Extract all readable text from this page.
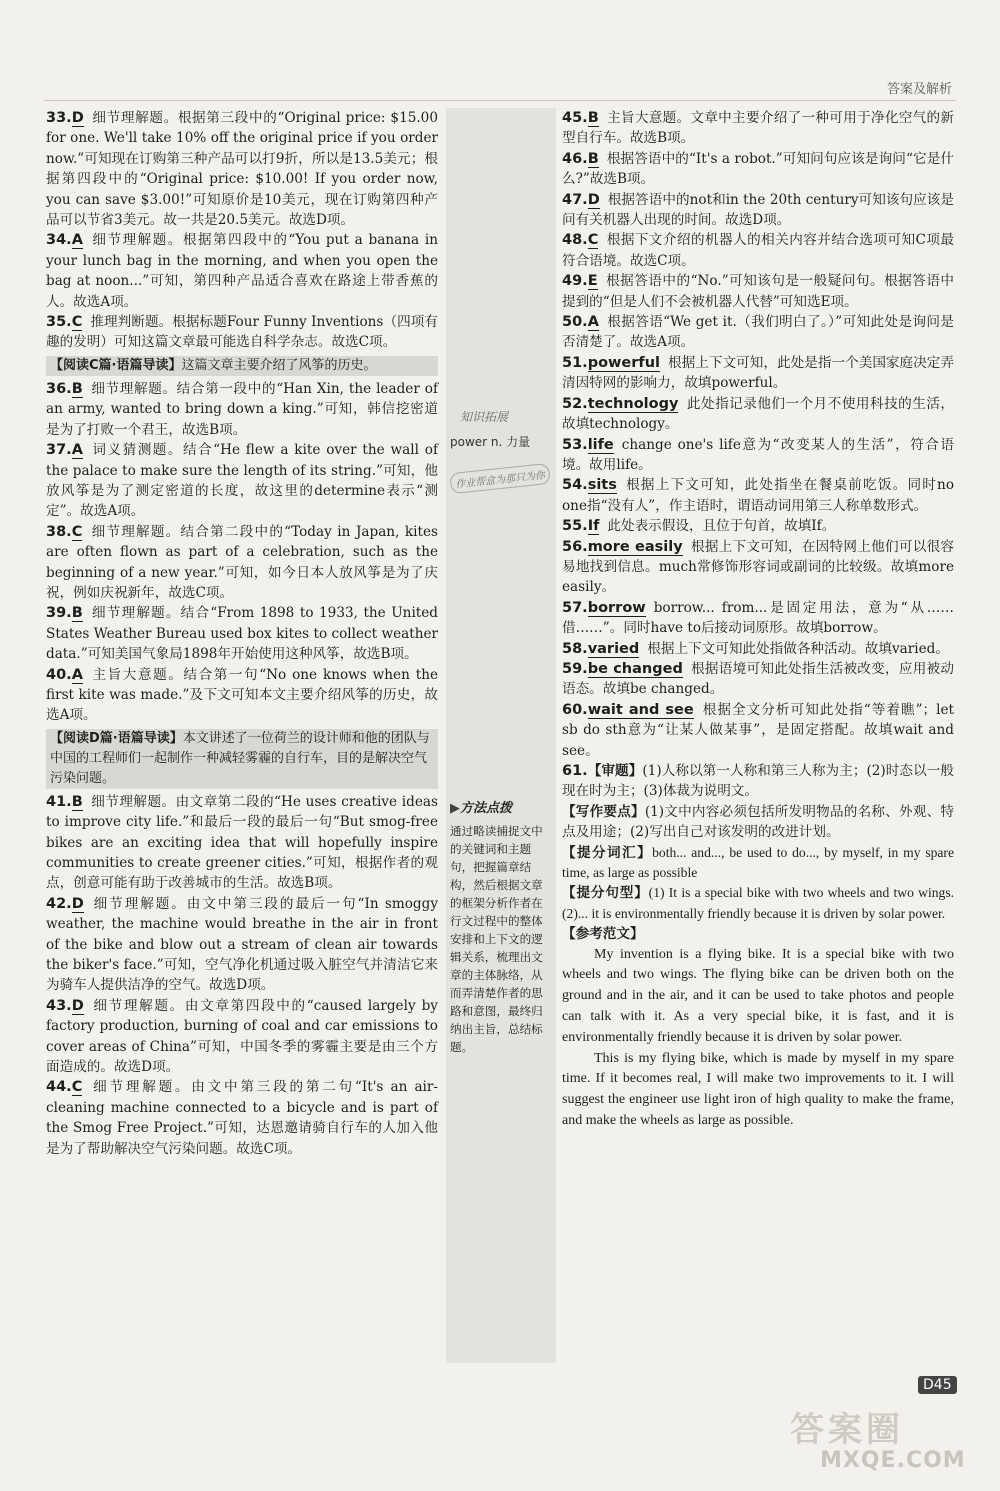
答案及解析
33.D 细节理解题。根据第三段中的“Original price: $15.00 for one. We'll take 10% off the original price if you order now.”可知现在订购第三种产品可以打9折，所以是13.5美元；根据第四段中的“Original price: $10.00! If you order now, you can save $3.00!”可知原价是10美元，现在订购第四种产品可以节省3美元。故一共是20.5美元。故选D项。
34.A 细节理解题。根据第四段中的“You put a banana in your lunch bag in the morning, and when you open the bag at noon...”可知，第四种产品适合喜欢在路途上带香蕉的人。故选A项。
35.C 推理判断题。根据标题Four Funny Inventions（四项有趣的发明）可知这篇文章最可能选自科学杂志。故选C项。
【阅读C篇·语篇导读】这篇文章主要介绍了风筝的历史。
36.B 细节理解题。结合第一段中的“Han Xin, the leader of an army, wanted to bring down a king.”可知，韩信挖密道是为了打败一个君王，故选B项。
37.A 词义猜测题。结合“He flew a kite over the wall of the palace to make sure the length of its string.”可知，他放风筝是为了测定密道的长度，故这里的determine表示“测定”。故选A项。
38.C 细节理解题。结合第二段中的“Today in Japan, kites are often flown as part of a celebration, such as the beginning of a new year.”可知，如今日本人放风筝是为了庆祝，例如庆祝新年，故选C项。
39.B 细节理解题。结合“From 1898 to 1933, the United States Weather Bureau used box kites to collect weather data.”可知美国气象局1898年开始使用这种风筝，故选B项。
40.A 主旨大意题。结合第一句“No one knows when the first kite was made.”及下文可知本文主要介绍风筝的历史，故选A项。
【阅读D篇·语篇导读】本文讲述了一位荷兰的设计师和他的团队与中国的工程师们一起制作一种减轻雾霾的自行车，目的是解决空气污染问题。
41.B 细节理解题。由文章第二段的“He uses creative ideas to improve city life.”和最后一段的最后一句“But smog-free bikes are an exciting idea that will hopefully inspire communities to create greener cities.”可知，根据作者的观点，创意可能有助于改善城市的生活。故选B项。
42.D 细节理解题。由文中第三段的最后一句“In smoggy weather, the machine would breathe in the air in front of the bike and blow out a stream of clean air towards the biker's face.”可知，空气净化机通过吸入脏空气并清洁它来为骑车人提供洁净的空气。故选D项。
43.D 细节理解题。由文章第四段中的“caused largely by factory production, burning of coal and car emissions to cover areas of China”可知，中国冬季的雾霾主要是由三个方面造成的。故选D项。
44.C 细节理解题。由文中第三段的第二句“It's an air-cleaning machine connected to a bicycle and is part of the Smog Free Project.”可知，达恩邀请骑自行车的人加入他是为了帮助解决空气污染问题。故选C项。
知识拓展
power n. 力量
作业帮盒为那只为你
▶方法点拨
通过略读捕捉文中的关键词和主题句，把握篇章结构，然后根据文章的框架分析作者在行文过程中的整体安排和上下文的逻辑关系，梳理出文章的主体脉络，从而弄清楚作者的思路和意图，最终归纳出主旨，总结标题。
45.B 主旨大意题。文章中主要介绍了一种可用于净化空气的新型自行车。故选B项。
46.B 根据答语中的“It's a robot.”可知问句应该是询问“它是什么?”故选B项。
47.D 根据答语中的not和in the 20th century可知该句应该是问有关机器人出现的时间。故选D项。
48.C 根据下文介绍的机器人的相关内容并结合选项可知C项最符合语境。故选C项。
49.E 根据答语中的“No.”可知该句是一般疑问句。根据答语中提到的“但是人们不会被机器人代替”可知选E项。
50.A 根据答语“We get it.（我们明白了。）”可知此处是询问是否清楚了。故选A项。
51.powerful 根据上下文可知，此处是指一个美国家庭决定弄清因特网的影响力，故填powerful。
52.technology 此处指记录他们一个月不使用科技的生活，故填technology。
53.life change one's life意为“改变某人的生活”，符合语境。故用life。
54.sits 根据上下文可知，此处指坐在餐桌前吃饭。同时no one指“没有人”，作主语时，谓语动词用第三人称单数形式。
55.If 此处表示假设，且位于句首，故填If。
56.more easily 根据上下文可知，在因特网上他们可以很容易地找到信息。much常修饰形容词或副词的比较级。故填more easily。
57.borrow borrow... from...是固定用法，意为“从……借……”。同时have to后接动词原形。故填borrow。
58.varied 根据上下文可知此处指做各种活动。故填varied。
59.be changed 根据语境可知此处指生活被改变，应用被动语态。故填be changed。
60.wait and see 根据全文分析可知此处指“等着瞧”；let sb do sth意为“让某人做某事”，是固定搭配。故填wait and see。
61.【审题】(1)人称以第一人称和第三人称为主；(2)时态以一般现在时为主；(3)体裁为说明文。
【写作要点】(1)文中内容必须包括所发明物品的名称、外观、特点及用途；(2)写出自己对该发明的改进计划。
【提分词汇】both... and..., be used to do..., by myself, in my spare time, as large as possible
【提分句型】(1) It is a special bike with two wheels and two wings. (2)... it is environmentally friendly because it is driven by solar power.
【参考范文】

My invention is a flying bike. It is a special bike with two wheels and two wings. The flying bike can be driven both on the ground and in the air, and it can be used to take photos and people can talk with it. As a very special bike, it is fast, and it is environmentally friendly because it is driven by solar power.

This is my flying bike, which is made by myself in my spare time. If it becomes real, I will make two improvements to it. I will suggest the engineer use light iron of high quality to make the frame, and make the wheels as large as possible.

D45
答案圈
MXQE.COM
